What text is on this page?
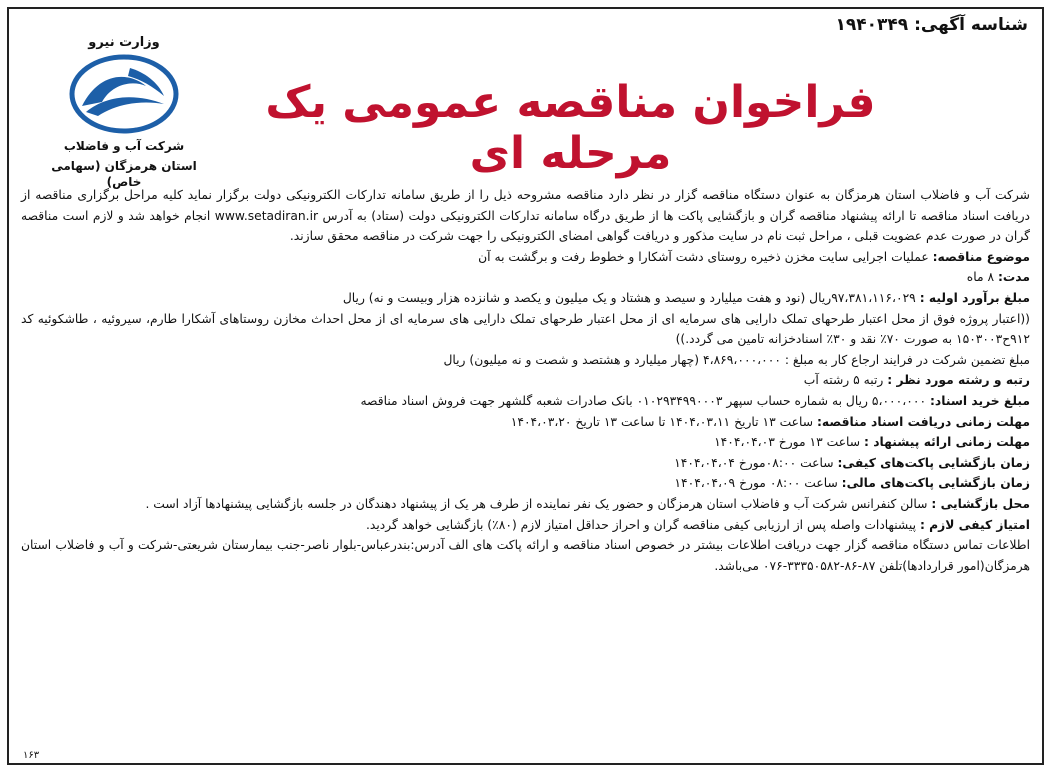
شناسه آگهی:۱۹۴۰۳۴۹
وزارت نیرو
شرکت آب و فاضلاب
استان هرمزگان (سهامی خاص)
فراخوان مناقصه عمومی یک مرحله ای

شرکت آب و فاضلاب استان هرمزگان به عنوان دستگاه مناقصه گزار در نظر دارد مناقصه مشروحه ذیل را از طریق سامانه تدارکات الکترونیکی دولت برگزار نماید کلیه مراحل برگزاری مناقصه از دریافت اسناد مناقصه تا ارائه پیشنهاد مناقصه گران و بازگشایی پاکت ها از طریق درگاه سامانه تدارکات الکترونیکی دولت (ستاد) به آدرس www.setadiran.ir انجام خواهد شد و لازم است مناقصه گران در صورت عدم عضویت قبلی ، مراحل ثبت نام در سایت مذکور و دریافت گواهی امضای الکترونیکی را جهت شرکت در مناقصه محقق سازند.

موضوع مناقصه: عملیات اجرایی سایت مخزن ذخیره روستای دشت آشکارا و خطوط رفت و برگشت به آن

مدت: ۸ ماه

مبلغ برآورد اولیه : ۹۷،۳۸۱،۱۱۶،۰۲۹ریال (نود و هفت میلیارد و سیصد و هشتاد و یک میلیون و یکصد و شانزده هزار وبیست و نه) ریال

((اعتبار پروژه فوق از محل اعتبار طرحهای تملک دارایی های سرمایه ای از محل اعتبار طرحهای تملک دارایی های سرمایه ای از محل احداث مخازن روستاهای آشکارا طارم، سیروئیه ، طاشکوئیه کد ۹۱۲ح۱۵۰۳۰۰۳ به صورت ۷۰٪ نقد و ۳۰٪ اسنادخزانه تامین می گردد.))

مبلغ تضمین شرکت در فرایند ارجاع کار به مبلغ : ۴،۸۶۹،۰۰۰،۰۰۰ (چهار میلیارد و هشتصد و شصت و نه میلیون) ریال

رتبه و رشته مورد نظر : رتبه ۵ رشته آب

مبلغ خرید اسناد: ۵،۰۰۰،۰۰۰ ریال به شماره حساب سپهر ۰۱۰۲۹۳۴۹۹۰۰۰۳ بانک صادرات شعبه گلشهر جهت فروش اسناد مناقصه

مهلت زمانی دریافت اسناد مناقصه: ساعت ۱۳ تاریخ ۱۴۰۴،۰۳،۱۱ تا ساعت ۱۳ تاریخ ۱۴۰۴،۰۳،۲۰

مهلت زمانی ارائه پیشنهاد : ساعت ۱۳ مورخ ۱۴۰۴،۰۴،۰۳

زمان بازگشایی پاکت‌های کیفی: ساعت ۰۸:۰۰مورخ ۱۴۰۴،۰۴،۰۴

زمان بازگشایی پاکت‌های مالی: ساعت ۰۸:۰۰ مورخ ۱۴۰۴،۰۴،۰۹

محل بازگشایی : سالن کنفرانس شرکت آب و فاضلاب استان هرمزگان و حضور یک نفر نماینده از طرف هر یک از پیشنهاد دهندگان در جلسه بازگشایی پیشنهادها آزاد است .

امتیاز کیفی لازم : پیشنهادات واصله پس از ارزیابی کیفی مناقصه گران و احراز حداقل امتیاز لازم (۸۰٪) بازگشایی خواهد گردید.

اطلاعات تماس دستگاه مناقصه گزار جهت دریافت اطلاعات بیشتر در خصوص اسناد مناقصه و ارائه پاکت های الف آدرس:بندرعباس-بلوار ناصر-جنب بیمارستان شریعتی-شرکت و آب و فاضلاب استان هرمزگان(امور قراردادها)تلفن ۸۷-۸۶-۳۳۳۵۰۵۸۲-۰۷۶ می‌باشد.

۱۶۳
